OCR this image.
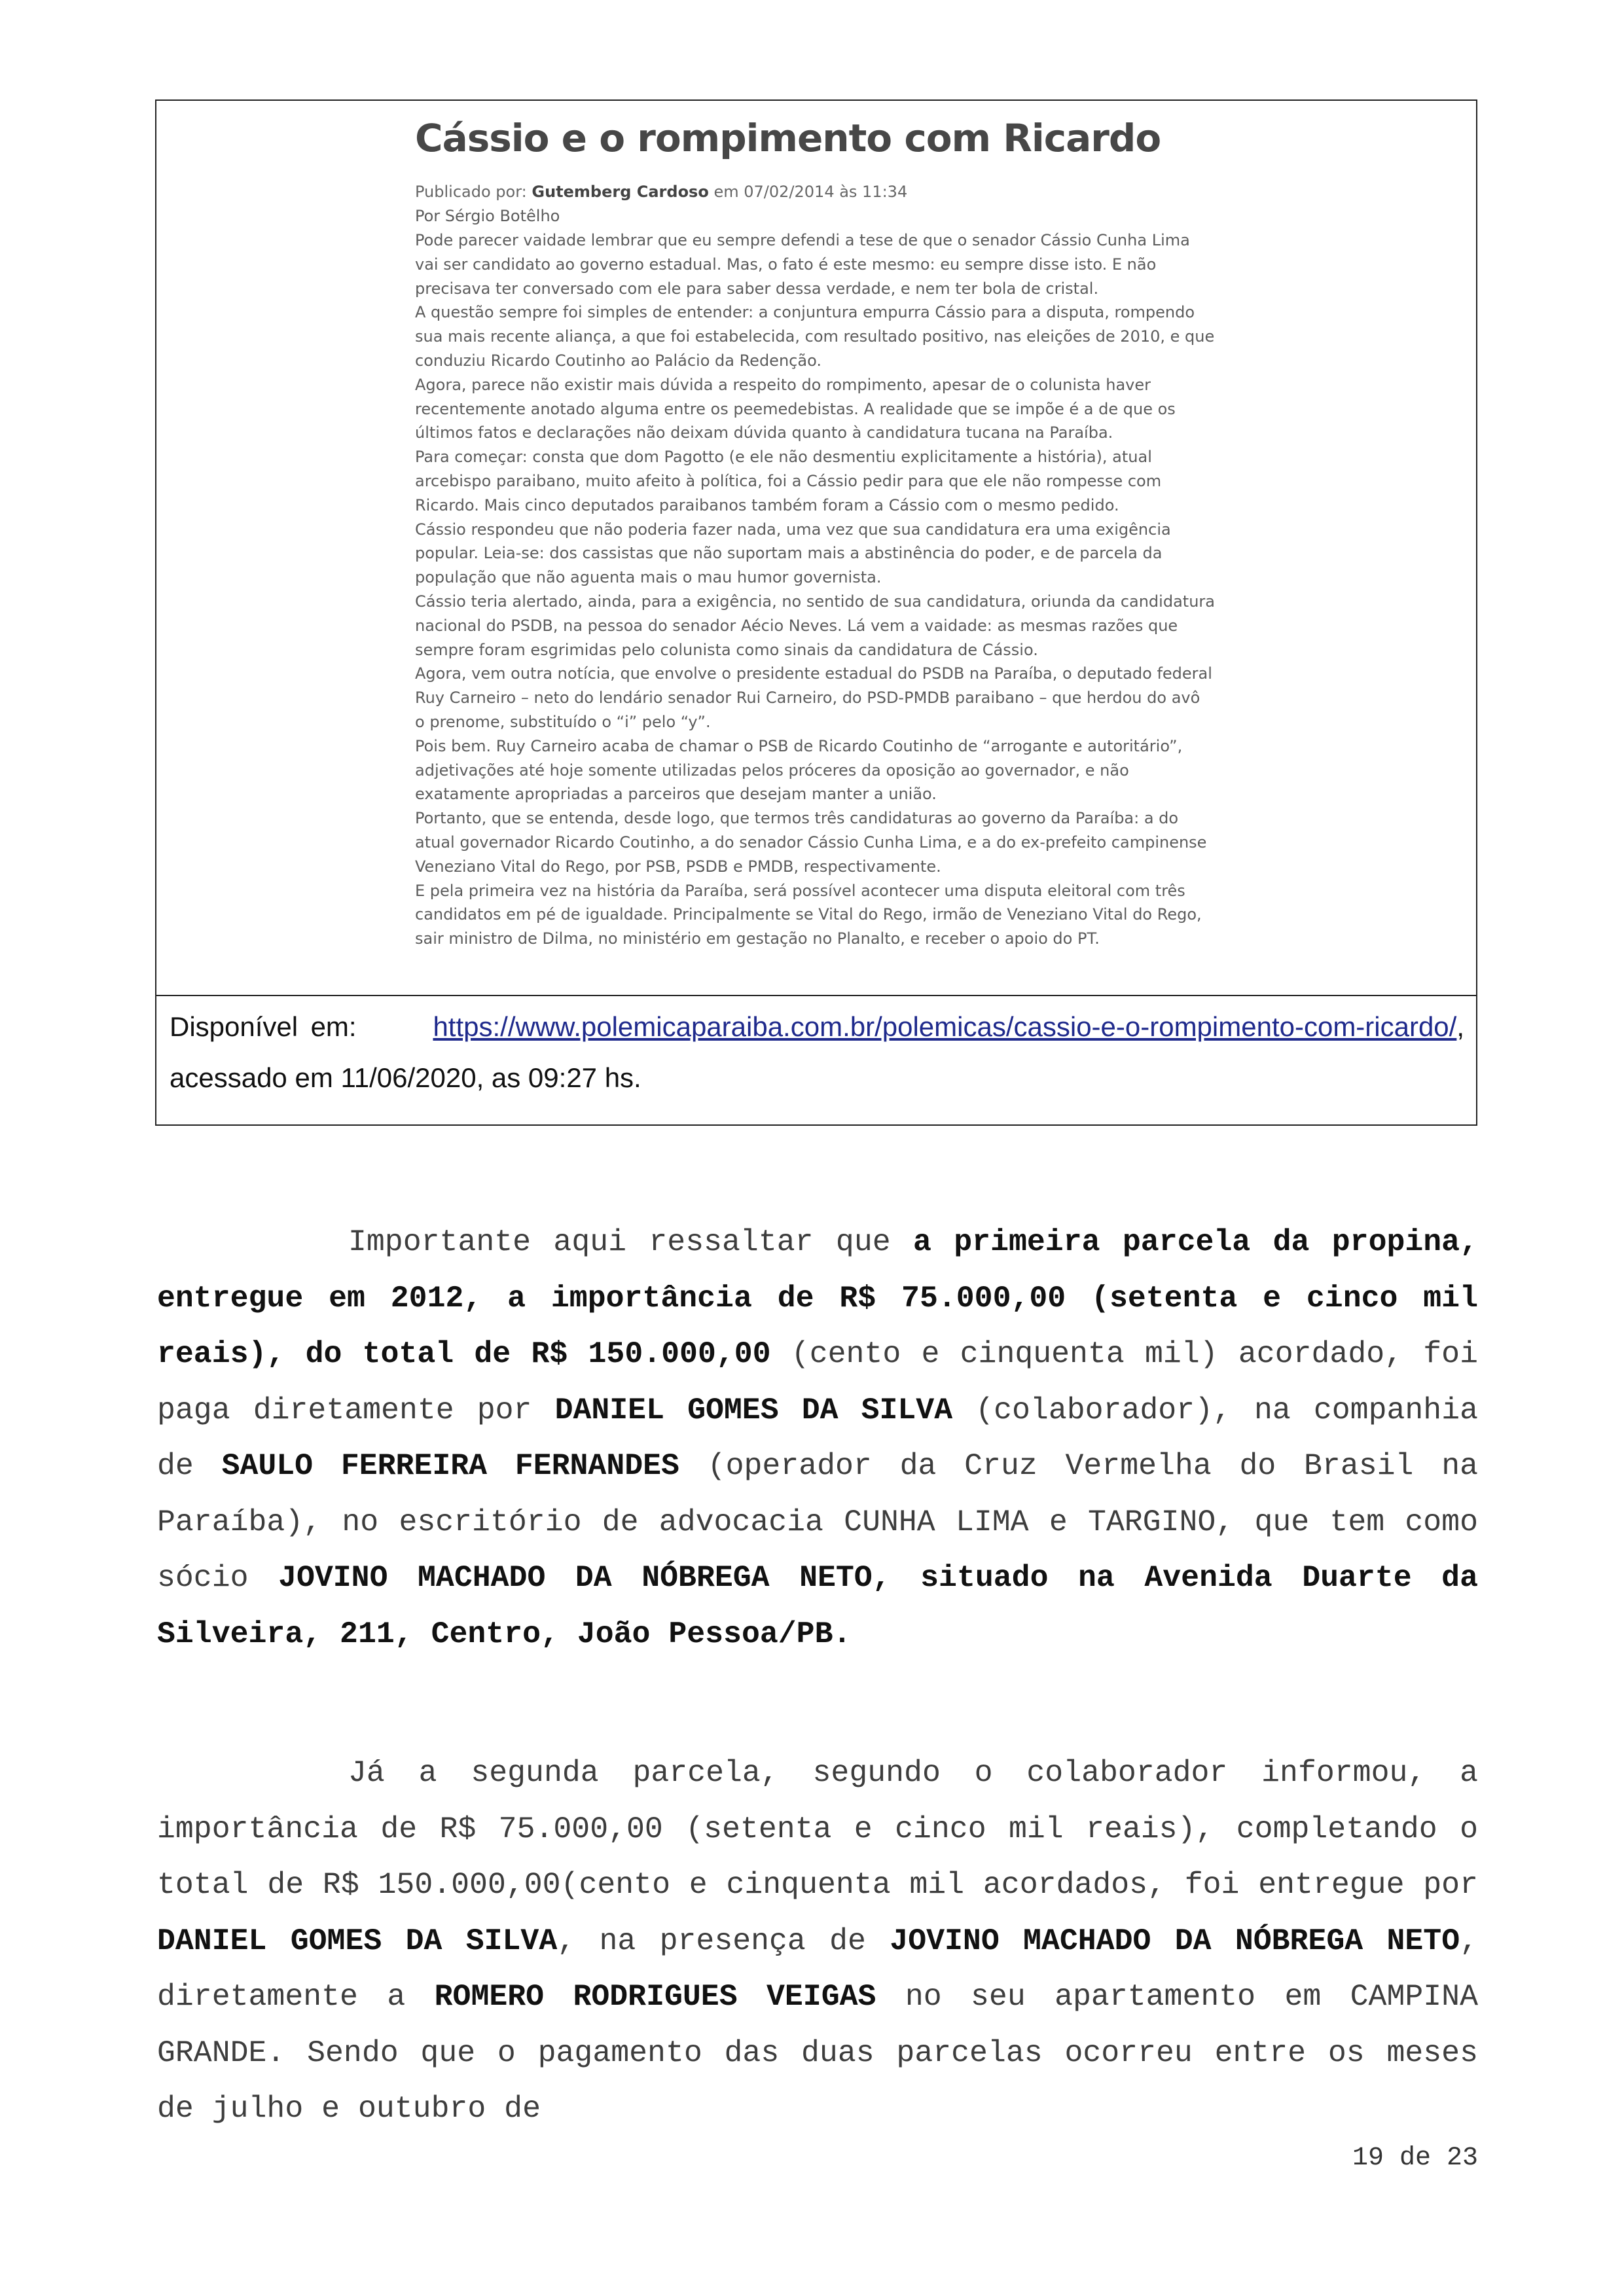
Cássio e o rompimento com Ricardo

Publicado por: Gutemberg Cardoso em 07/02/2014 às 11:34

Por Sérgio Botêlho

Pode parecer vaidade lembrar que eu sempre defendi a tese de que o senador Cássio Cunha Lima

vai ser candidato ao governo estadual. Mas, o fato é este mesmo: eu sempre disse isto. E não

precisava ter conversado com ele para saber dessa verdade, e nem ter bola de cristal.

A questão sempre foi simples de entender: a conjuntura empurra Cássio para a disputa, rompendo

sua mais recente aliança, a que foi estabelecida, com resultado positivo, nas eleições de 2010, e que

conduziu Ricardo Coutinho ao Palácio da Redenção.

Agora, parece não existir mais dúvida a respeito do rompimento, apesar de o colunista haver

recentemente anotado alguma entre os peemedebistas. A realidade que se impõe é a de que os

últimos fatos e declarações não deixam dúvida quanto à candidatura tucana na Paraíba.

Para começar: consta que dom Pagotto (e ele não desmentiu explicitamente a história), atual

arcebispo paraibano, muito afeito à política, foi a Cássio pedir para que ele não rompesse com

Ricardo. Mais cinco deputados paraibanos também foram a Cássio com o mesmo pedido.

Cássio respondeu que não poderia fazer nada, uma vez que sua candidatura era uma exigência

popular. Leia-se: dos cassistas que não suportam mais a abstinência do poder, e de parcela da

população que não aguenta mais o mau humor governista.

Cássio teria alertado, ainda, para a exigência, no sentido de sua candidatura, oriunda da candidatura

nacional do PSDB, na pessoa do senador Aécio Neves. Lá vem a vaidade: as mesmas razões que

sempre foram esgrimidas pelo colunista como sinais da candidatura de Cássio.

Agora, vem outra notícia, que envolve o presidente estadual do PSDB na Paraíba, o deputado federal

Ruy Carneiro – neto do lendário senador Rui Carneiro, do PSD-PMDB paraibano – que herdou do avô

o prenome, substituído o “i” pelo “y”.

Pois bem. Ruy Carneiro acaba de chamar o PSB de Ricardo Coutinho de “arrogante e autoritário”,

adjetivações até hoje somente utilizadas pelos próceres da oposição ao governador, e não

exatamente apropriadas a parceiros que desejam manter a união.

Portanto, que se entenda, desde logo, que termos três candidaturas ao governo da Paraíba: a do

atual governador Ricardo Coutinho, a do senador Cássio Cunha Lima, e a do ex-prefeito campinense

Veneziano Vital do Rego, por PSB, PSDB e PMDB, respectivamente.

E pela primeira vez na história da Paraíba, será possível acontecer uma disputa eleitoral com três

candidatos em pé de igualdade. Principalmente se Vital do Rego, irmão de Veneziano Vital do Rego,

sair ministro de Dilma, no ministério em gestação no Planalto, e receber o apoio do PT.

Disponível em:	https://www.polemicaparaiba.com.br/polemicas/cassio-e-o-rompimento-com-ricardo/, acessado em 11/06/2020, as 09:27 hs.

Importante aqui ressaltar que a primeira parcela da propina, entregue em 2012, a importância de R$ 75.000,00 (setenta e cinco mil reais), do total de R$ 150.000,00 (cento e cinquenta mil) acordado, foi paga diretamente por DANIEL GOMES DA SILVA (colaborador), na companhia de SAULO FERREIRA FERNANDES (operador da Cruz Vermelha do Brasil na Paraíba), no escritório de advocacia CUNHA LIMA e TARGINO, que tem como sócio JOVINO MACHADO DA NÓBREGA NETO, situado na Avenida Duarte da Silveira, 211, Centro, João Pessoa/PB.

Já a segunda parcela, segundo o colaborador informou, a importância de R$ 75.000,00 (setenta e cinco mil reais), completando o total de R$ 150.000,00(cento e cinquenta mil acordados, foi entregue por DANIEL GOMES DA SILVA, na presença de JOVINO MACHADO DA NÓBREGA NETO, diretamente a ROMERO RODRIGUES VEIGAS no seu apartamento em CAMPINA GRANDE. Sendo que o pagamento das duas parcelas ocorreu entre os meses de julho e outubro de

19 de 23
